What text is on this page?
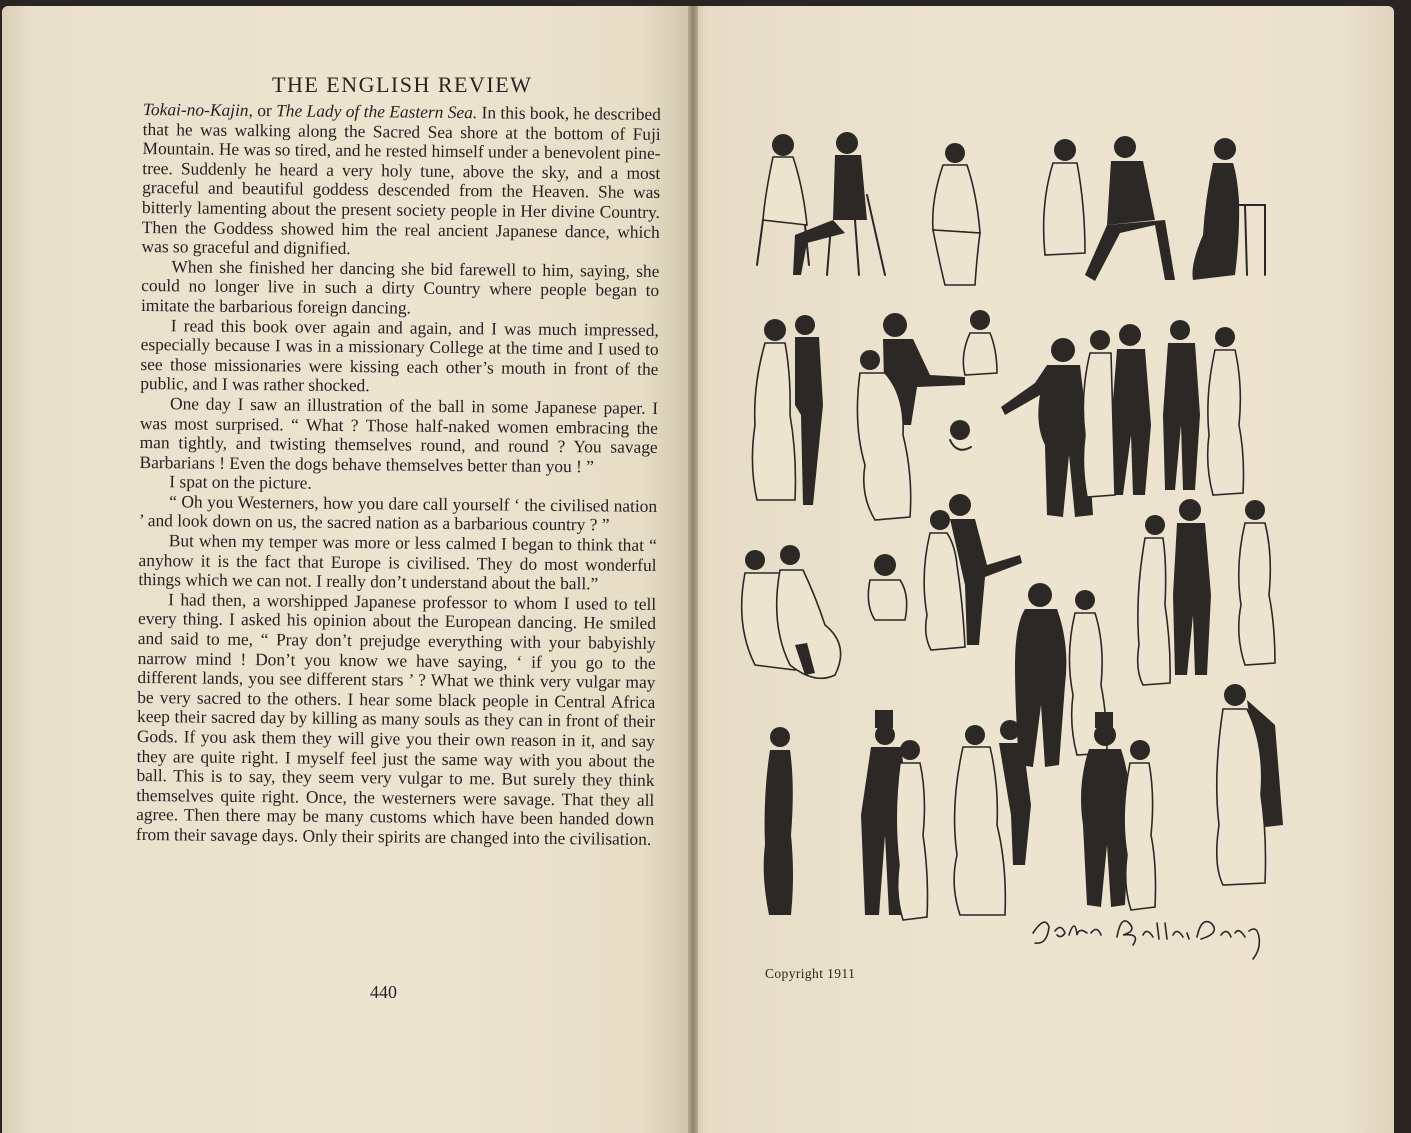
THE ENGLISH REVIEW

Tokai-no-Kajin, or The Lady of the Eastern Sea. In this book, he described that he was walking along the Sacred Sea shore at the bottom of Fuji Mountain. He was so tired, and he rested himself under a benevolent pine-tree. Suddenly he heard a very holy tune, above the sky, and a most graceful and beautiful goddess descended from the Heaven. She was bitterly lamenting about the present society people in Her divine Country. Then the Goddess showed him the real ancient Japanese dance, which was so graceful and dignified.

When she finished her dancing she bid farewell to him, saying, she could no longer live in such a dirty Country where people began to imitate the barbarious foreign dancing.

I read this book over again and again, and I was much impressed, especially because I was in a missionary College at the time and I used to see those missionaries were kissing each other’s mouth in front of the public, and I was rather shocked.

One day I saw an illustration of the ball in some Japanese paper. I was most surprised. “ What ? Those half-naked women embracing the man tightly, and twisting themselves round, and round ? You savage Barbarians ! Even the dogs behave themselves better than you ! ”

I spat on the picture.

“ Oh you Westerners, how you dare call yourself ‘ the civilised nation ’ and look down on us, the sacred nation as a barbarious country ? ”

But when my temper was more or less calmed I began to think that “ anyhow it is the fact that Europe is civilised. They do most wonderful things which we can not. I really don’t understand about the ball.”

I had then, a worshipped Japanese professor to whom I used to tell every thing. I asked his opinion about the European dancing. He smiled and said to me, “ Pray don’t prejudge everything with your babyishly narrow mind ! Don’t you know we have saying, ‘ if you go to the different lands, you see different stars ’ ? What we think very vulgar may be very sacred to the others. I hear some black people in Central Africa keep their sacred day by killing as many souls as they can in front of their Gods. If you ask them they will give you their own reason in it, and say they are quite right. I myself feel just the same way with you about the ball. This is to say, they seem very vulgar to me. But surely they think themselves quite right. Once, the westerners were savage. That they all agree. Then there may be many customs which have been handed down from their savage days. Only their spirits are changed into the civilisation.

440
Copyright 1911
